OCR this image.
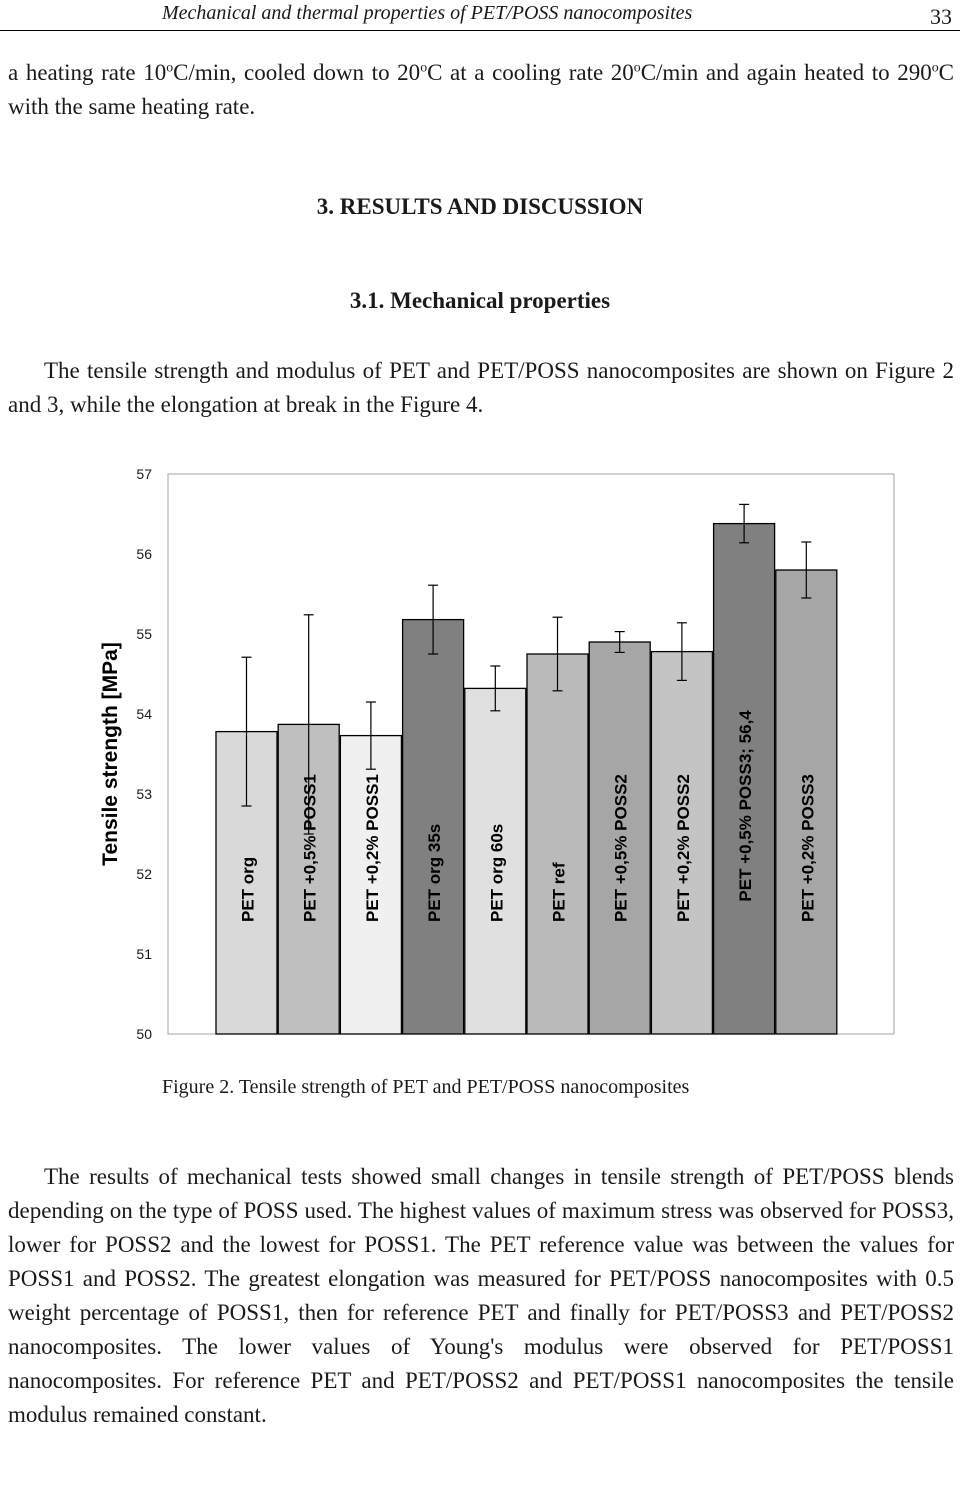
Mechanical and thermal properties of PET/POSS nanocomposites	33

a heating rate 10$^o$C/min, cooled down to 20$^o$C at a cooling rate 20$^o$C/min and again heated to 290$^o$C with the same heating rate.

3. RESULTS AND DISCUSSION
3.1. Mechanical properties

The tensile strength and modulus of PET and PET/POSS nanocomposites are shown on Figure 2 and 3, while the elongation at break in the Figure 4.

50
51
52
53
54
55
56
57
Tensile strength [MPa]
PET org	PET +0,5% POSS1	PET +0,2% POSS1	PET org 35s	PET org 60s	PET ref	PET +0,5% POSS2	PET +0,2% POSS2	PET +0,5% POSS3; 56,4	PET +0,2% POSS3
Figure 2. Tensile strength of PET and PET/POSS nanocomposites

The results of mechanical tests showed small changes in tensile strength of PET/POSS blends depending on the type of POSS used. The highest values of maximum stress was observed for POSS3, lower for POSS2 and the lowest for POSS1. The PET reference value was between the values for POSS1 and POSS2. The greatest elongation was measured for PET/POSS nanocomposites with 0.5 weight percentage of POSS1, then for reference PET and finally for PET/POSS3 and PET/POSS2 nanocomposites. The lower values of Young's modulus were observed for PET/POSS1 nanocomposites. For reference PET and PET/POSS2 and PET/POSS1 nanocomposites the tensile modulus remained constant.
